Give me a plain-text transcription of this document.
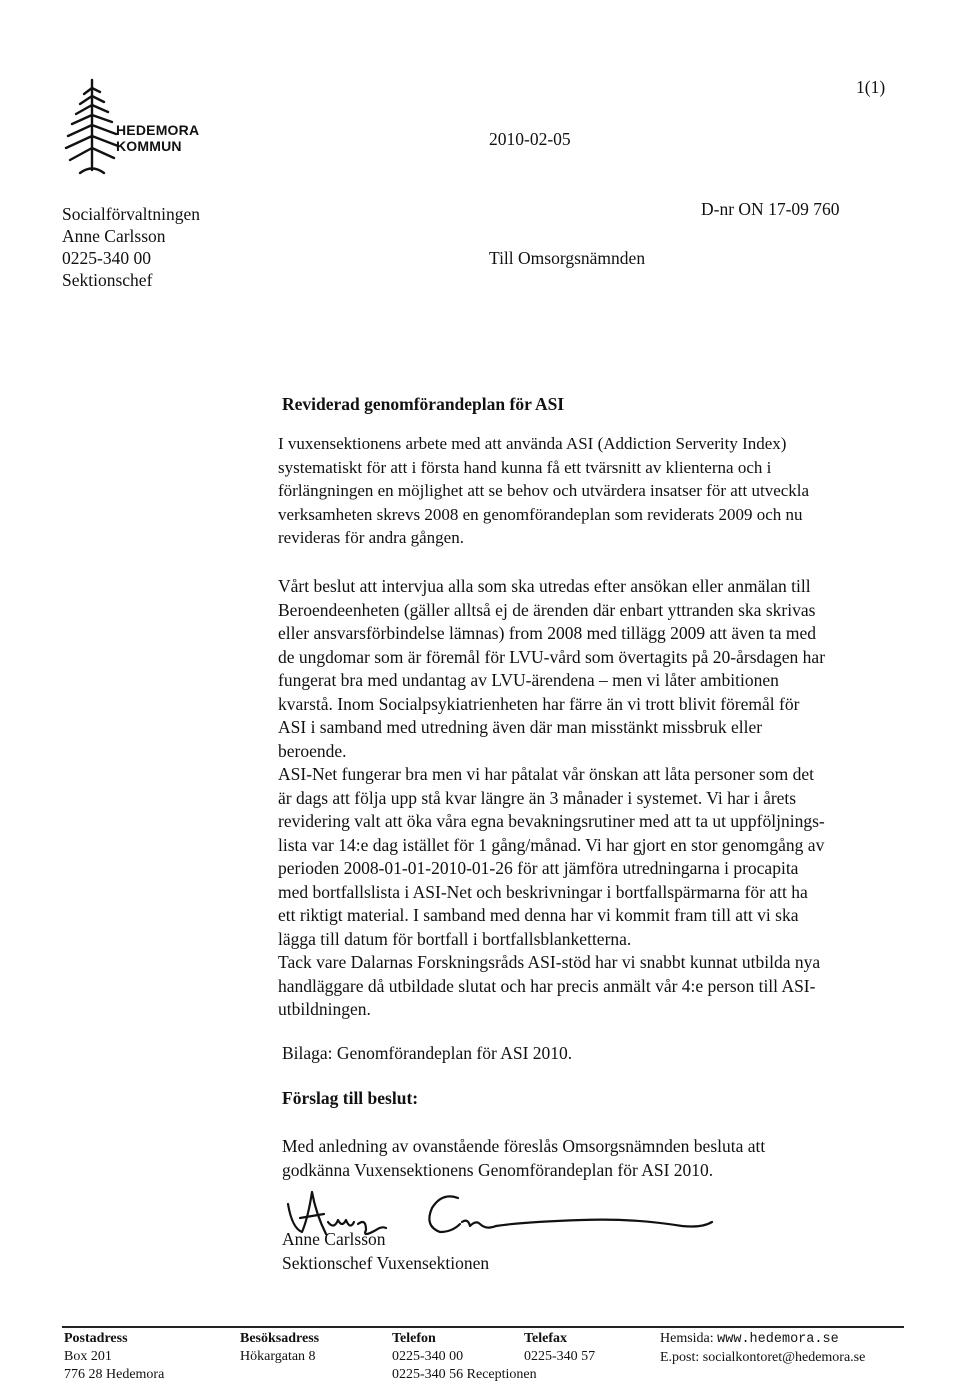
HEDEMORA
KOMMUN
1(1)
2010-02-05
Socialförvaltningen
Anne Carlsson
0225-340 00
Sektionschef
D-nr ON 17-09 760
Till Omsorgsnämnden
Reviderad genomförandeplan för ASI
I vuxensektionens arbete med att använda ASI (Addiction Serverity Index)
systematiskt för att i första hand kunna få ett tvärsnitt av klienterna och i
förlängningen en möjlighet att se behov och utvärdera insatser för att utveckla
verksamheten skrevs 2008 en genomförandeplan som reviderats 2009 och nu
revideras för andra gången.
Vårt beslut att intervjua alla som ska utredas efter ansökan eller anmälan till
Beroendeenheten (gäller alltså ej de ärenden där enbart yttranden ska skrivas
eller ansvarsförbindelse lämnas) from 2008 med tillägg 2009 att även ta med
de ungdomar som är föremål för LVU-vård som övertagits på 20-årsdagen har
fungerat bra med undantag av LVU-ärendena – men vi låter ambitionen
kvarstå. Inom Socialpsykiatrienheten har färre än vi trott blivit föremål för
ASI i samband med utredning även där man misstänkt missbruk eller
beroende.
ASI-Net fungerar bra men vi har påtalat vår önskan att låta personer som det
är dags att följa upp stå kvar längre än 3 månader i systemet. Vi har i årets
revidering valt att öka våra egna bevakningsrutiner med att ta ut uppföljnings-
lista var 14:e dag istället för 1 gång/månad. Vi har gjort en stor genomgång av
perioden 2008-01-01-2010-01-26 för att jämföra utredningarna i procapita
med bortfallslista i ASI-Net och beskrivningar i bortfallspärmarna för att ha
ett riktigt material. I samband med denna har vi kommit fram till att vi ska
lägga till datum för bortfall i bortfallsblanketterna.
Tack vare Dalarnas Forskningsråds ASI-stöd har vi snabbt kunnat utbilda nya
handläggare då utbildade slutat och har precis anmält vår 4:e person till ASI-
utbildningen.
Bilaga: Genomförandeplan för ASI 2010.
Förslag till beslut:
Med anledning av ovanstående föreslås Omsorgsnämnden besluta att
godkänna Vuxensektionens Genomförandeplan för ASI 2010.
Anne Carlsson
Sektionschef Vuxensektionen
Postadress
Box 201
776 28 Hedemora
Besöksadress
Hökargatan 8
Telefon
0225-340 00
0225-340 56 Receptionen
Telefax
0225-340 57
Hemsida: www.hedemora.se
E.post: socialkontoret@hedemora.se
